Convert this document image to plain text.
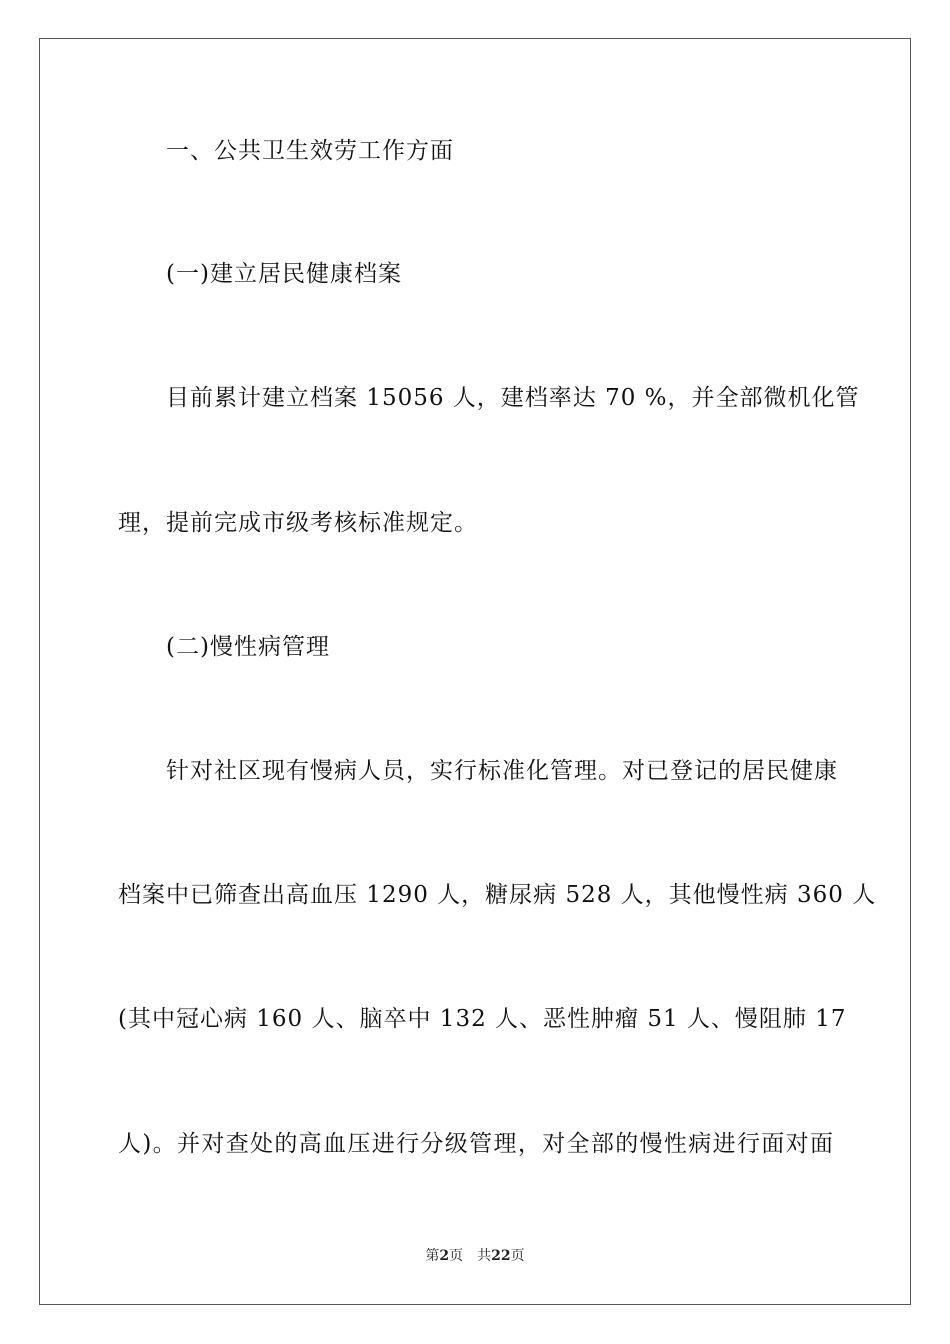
一、公共卫生效劳工作方面
(一)建立居民健康档案
目前累计建立档案 15056 人，建档率达 70 %，并全部微机化管
理，提前完成市级考核标准规定。
(二)慢性病管理
针对社区现有慢病人员，实行标准化管理。对已登记的居民健康
档案中已筛查出高血压 1290 人，糖尿病 528 人，其他慢性病 360 人
(其中冠心病 160 人、脑卒中 132 人、恶性肿瘤 51 人、慢阻肺 17
人)。并对查处的高血压进行分级管理，对全部的慢性病进行面对面
第2页 共22页
